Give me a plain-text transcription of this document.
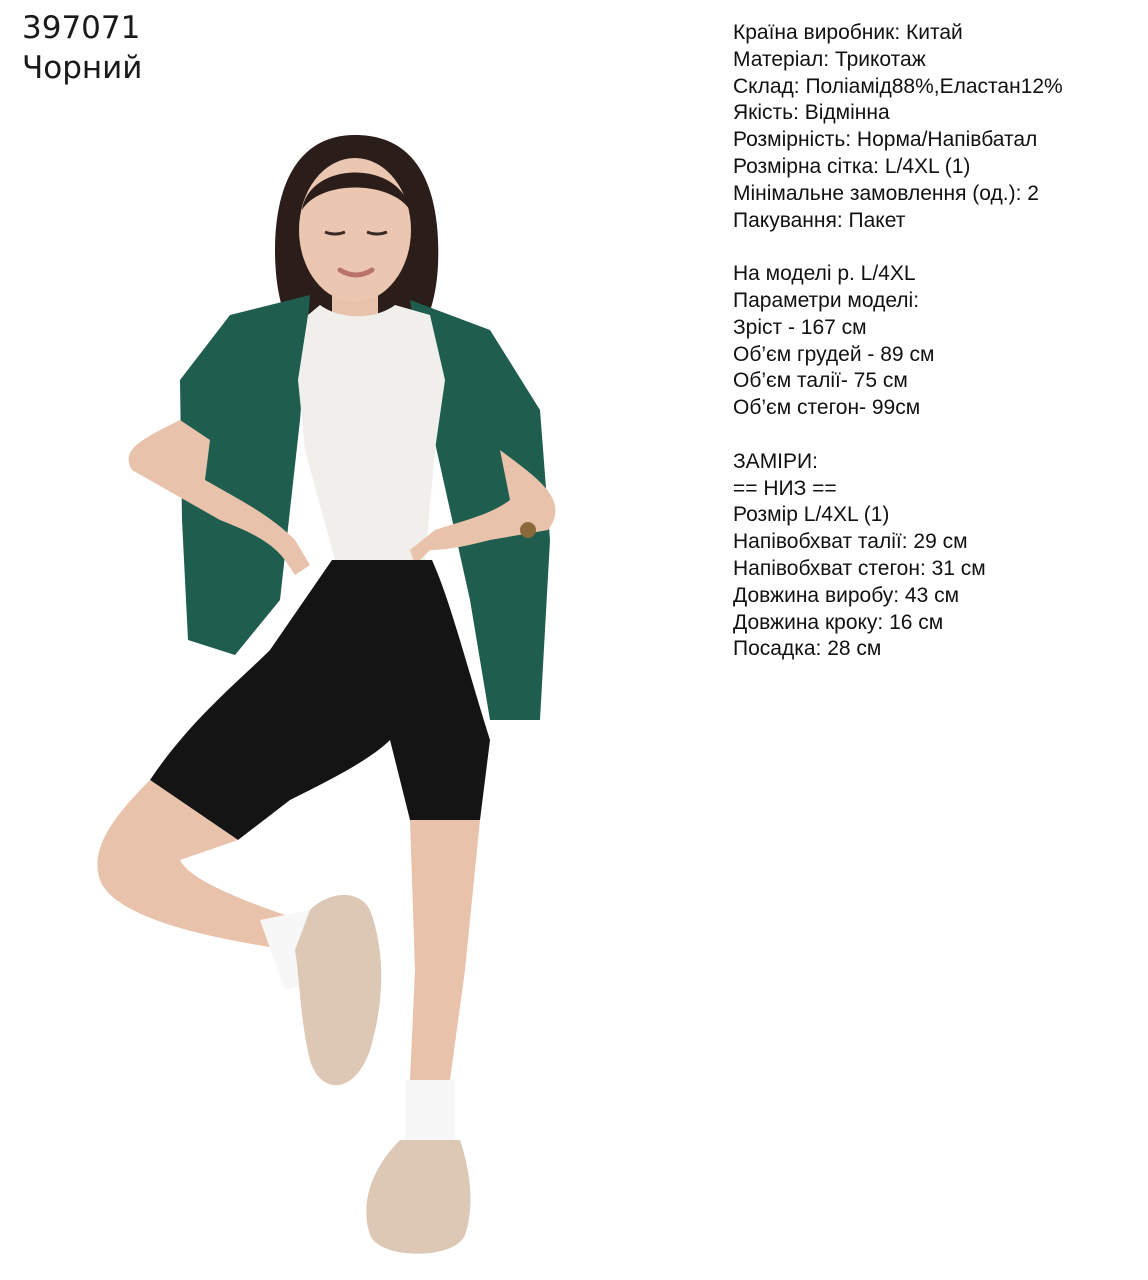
397071
Чорний
Країна виробник: Китай
Матеріал: Трикотаж
Склад: Поліамід88%,Еластан12%
Якість: Відмінна
Розмірність: Норма/Напівбатал
Розмірна сітка: L/4XL (1)
Мінімальне замовлення (од.): 2
Пакування: Пакет
На моделі р. L/4XL
Параметри моделі:
Зріст - 167 см
Об’єм грудей - 89 см
Об’єм талії- 75 см
Об’єм стегон- 99см
ЗАМІРИ:
== НИЗ ==
Розмір L/4XL (1)
Напівобхват талії: 29 см
Напівобхват стегон: 31 см
Довжина виробу: 43 см
Довжина кроку: 16 см
Посадка: 28 см
